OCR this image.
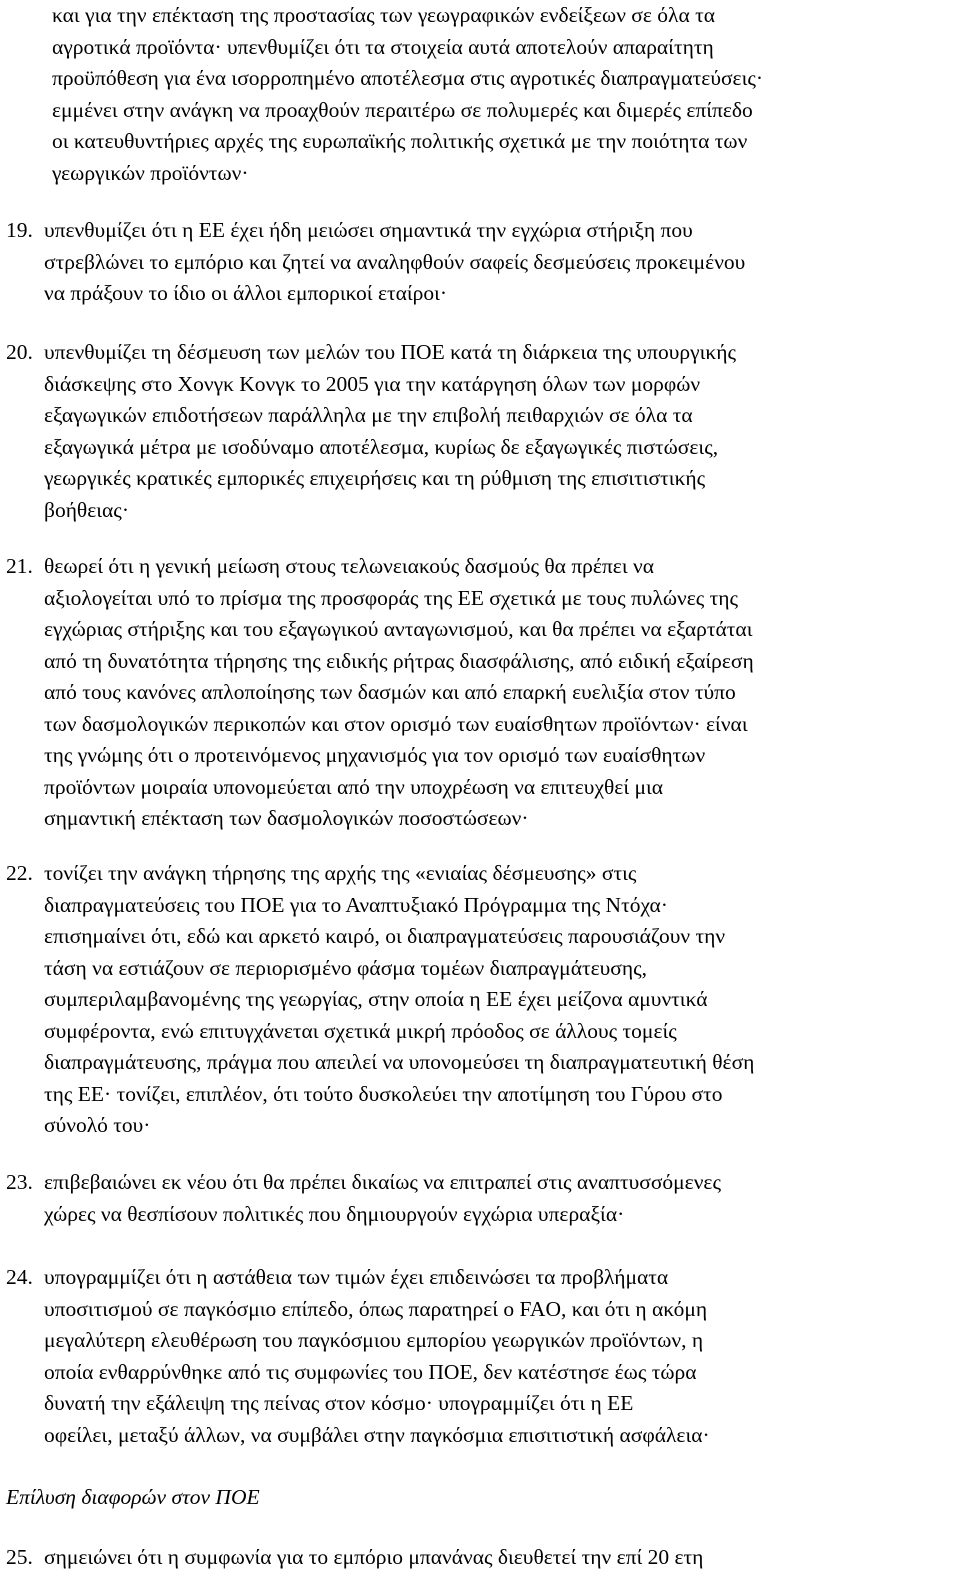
και για την επέκταση της προστασίας των γεωγραφικών ενδείξεων σε όλα τα
αγροτικά προϊόντα· υπενθυμίζει ότι τα στοιχεία αυτά αποτελούν απαραίτητη
προϋπόθεση για ένα ισορροπημένο αποτέλεσμα στις αγροτικές διαπραγματεύσεις·
εμμένει στην ανάγκη να προαχθούν περαιτέρω σε πολυμερές και διμερές επίπεδο
οι κατευθυντήριες αρχές της ευρωπαϊκής πολιτικής σχετικά με την ποιότητα των
γεωργικών προϊόντων·
19. υπενθυμίζει ότι η ΕΕ έχει ήδη μειώσει σημαντικά την εγχώρια στήριξη που
στρεβλώνει το εμπόριο και ζητεί να αναληφθούν σαφείς δεσμεύσεις προκειμένου
να πράξουν το ίδιο οι άλλοι εμπορικοί εταίροι·
20. υπενθυμίζει τη δέσμευση των μελών του ΠΟΕ κατά τη διάρκεια της υπουργικής
διάσκεψης στο Χονγκ Κονγκ το 2005 για την κατάργηση όλων των μορφών
εξαγωγικών επιδοτήσεων παράλληλα με την επιβολή πειθαρχιών σε όλα τα
εξαγωγικά μέτρα με ισοδύναμο αποτέλεσμα, κυρίως δε εξαγωγικές πιστώσεις,
γεωργικές κρατικές εμπορικές επιχειρήσεις και τη ρύθμιση της επισιτιστικής
βοήθειας·
21. θεωρεί ότι η γενική μείωση στους τελωνειακούς δασμούς θα πρέπει να
αξιολογείται υπό το πρίσμα της προσφοράς της ΕΕ σχετικά με τους πυλώνες της
εγχώριας στήριξης και του εξαγωγικού ανταγωνισμού, και θα πρέπει να εξαρτάται
από τη δυνατότητα τήρησης της ειδικής ρήτρας διασφάλισης, από ειδική εξαίρεση
από τους κανόνες απλοποίησης των δασμών και από επαρκή ευελιξία στον τύπο
των δασμολογικών περικοπών και στον ορισμό των ευαίσθητων προϊόντων· είναι
της γνώμης ότι ο προτεινόμενος μηχανισμός για τον ορισμό των ευαίσθητων
προϊόντων μοιραία υπονομεύεται από την υποχρέωση να επιτευχθεί μια
σημαντική επέκταση των δασμολογικών ποσοστώσεων·
22. τονίζει την ανάγκη τήρησης της αρχής της «ενιαίας δέσμευσης» στις
διαπραγματεύσεις του ΠΟΕ για το Αναπτυξιακό Πρόγραμμα της Ντόχα·
επισημαίνει ότι, εδώ και αρκετό καιρό, οι διαπραγματεύσεις παρουσιάζουν την
τάση να εστιάζουν σε περιορισμένο φάσμα τομέων διαπραγμάτευσης,
συμπεριλαμβανομένης της γεωργίας, στην οποία η ΕΕ έχει μείζονα αμυντικά
συμφέροντα, ενώ επιτυγχάνεται σχετικά μικρή πρόοδος σε άλλους τομείς
διαπραγμάτευσης, πράγμα που απειλεί να υπονομεύσει τη διαπραγματευτική θέση
της ΕΕ· τονίζει, επιπλέον, ότι τούτο δυσκολεύει την αποτίμηση του Γύρου στο
σύνολό του·
23. επιβεβαιώνει εκ νέου ότι θα πρέπει δικαίως να επιτραπεί στις αναπτυσσόμενες
χώρες να θεσπίσουν πολιτικές που δημιουργούν εγχώρια υπεραξία·
24. υπογραμμίζει ότι η αστάθεια των τιμών έχει επιδεινώσει τα προβλήματα
υποσιτισμού σε παγκόσμιο επίπεδο, όπως παρατηρεί ο FAO, και ότι η ακόμη
μεγαλύτερη ελευθέρωση του παγκόσμιου εμπορίου γεωργικών προϊόντων, η
οποία ενθαρρύνθηκε από τις συμφωνίες του ΠΟΕ, δεν κατέστησε έως τώρα
δυνατή την εξάλειψη της πείνας στον κόσμο· υπογραμμίζει ότι η ΕΕ
οφείλει, μεταξύ άλλων, να συμβάλει στην παγκόσμια επισιτιστική ασφάλεια·
Επίλυση διαφορών στον ΠΟΕ
25. σημειώνει ότι η συμφωνία για το εμπόριο μπανάνας διευθετεί την επί 20 ετη
